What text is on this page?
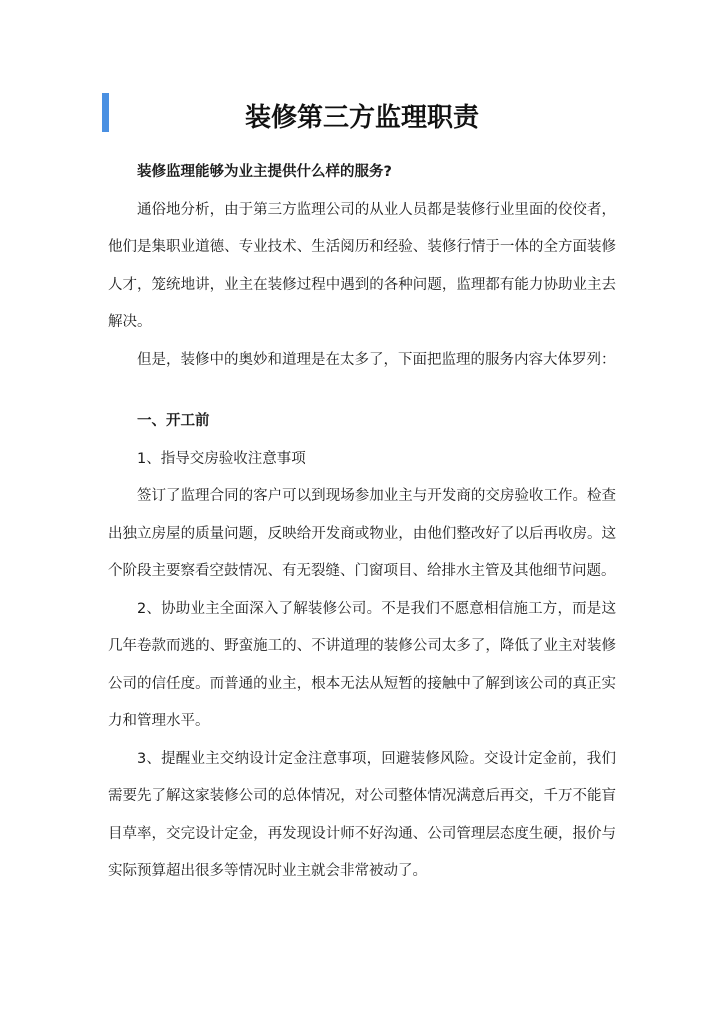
装修第三方监理职责

装修监理能够为业主提供什么样的服务?

通俗地分析，由于第三方监理公司的从业人员都是装修行业里面的佼佼者，他们是集职业道德、专业技术、生活阅历和经验、装修行情于一体的全方面装修人才，笼统地讲，业主在装修过程中遇到的各种问题，监理都有能力协助业主去解决。

但是，装修中的奥妙和道理是在太多了，下面把监理的服务内容大体罗列：

一、开工前

1、指导交房验收注意事项

签订了监理合同的客户可以到现场参加业主与开发商的交房验收工作。检查出独立房屋的质量问题，反映给开发商或物业，由他们整改好了以后再收房。这个阶段主要察看空鼓情况、有无裂缝、门窗项目、给排水主管及其他细节问题。

2、协助业主全面深入了解装修公司。不是我们不愿意相信施工方，而是这几年卷款而逃的、野蛮施工的、不讲道理的装修公司太多了，降低了业主对装修公司的信任度。而普通的业主，根本无法从短暂的接触中了解到该公司的真正实力和管理水平。

3、提醒业主交纳设计定金注意事项，回避装修风险。交设计定金前，我们需要先了解这家装修公司的总体情况，对公司整体情况满意后再交，千万不能盲目草率，交完设计定金，再发现设计师不好沟通、公司管理层态度生硬，报价与实际预算超出很多等情况时业主就会非常被动了。
